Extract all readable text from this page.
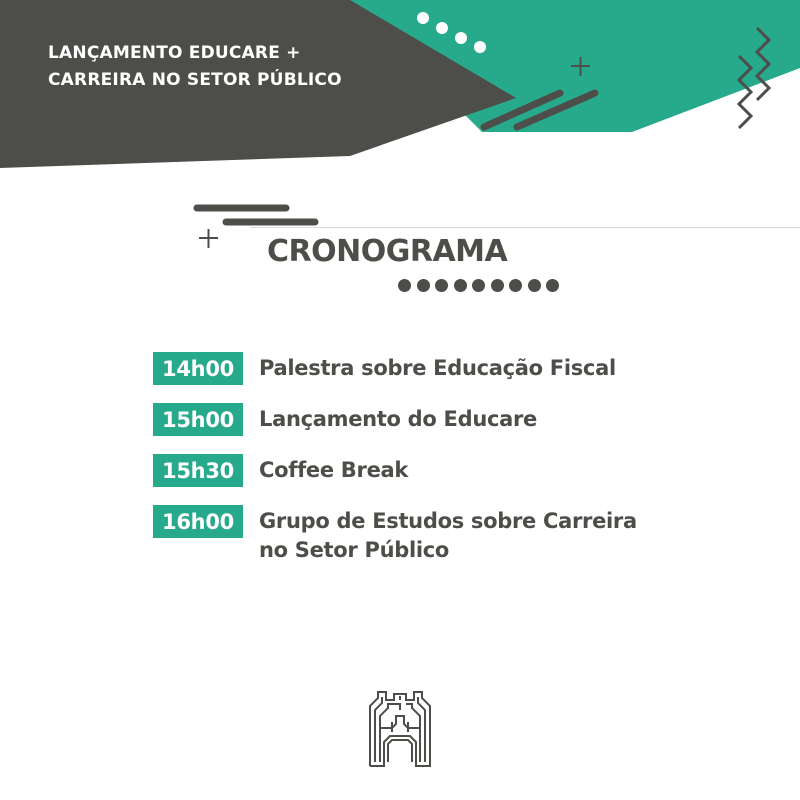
LANÇAMENTO EDUCARE +
CARREIRA NO SETOR PÚBLICO
CRONOGRAMA
14h00	Palestra sobre Educação Fiscal
15h00	Lançamento do Educare
15h30	Coffee Break
16h00	Grupo de Estudos sobre Carreira
no Setor Público
